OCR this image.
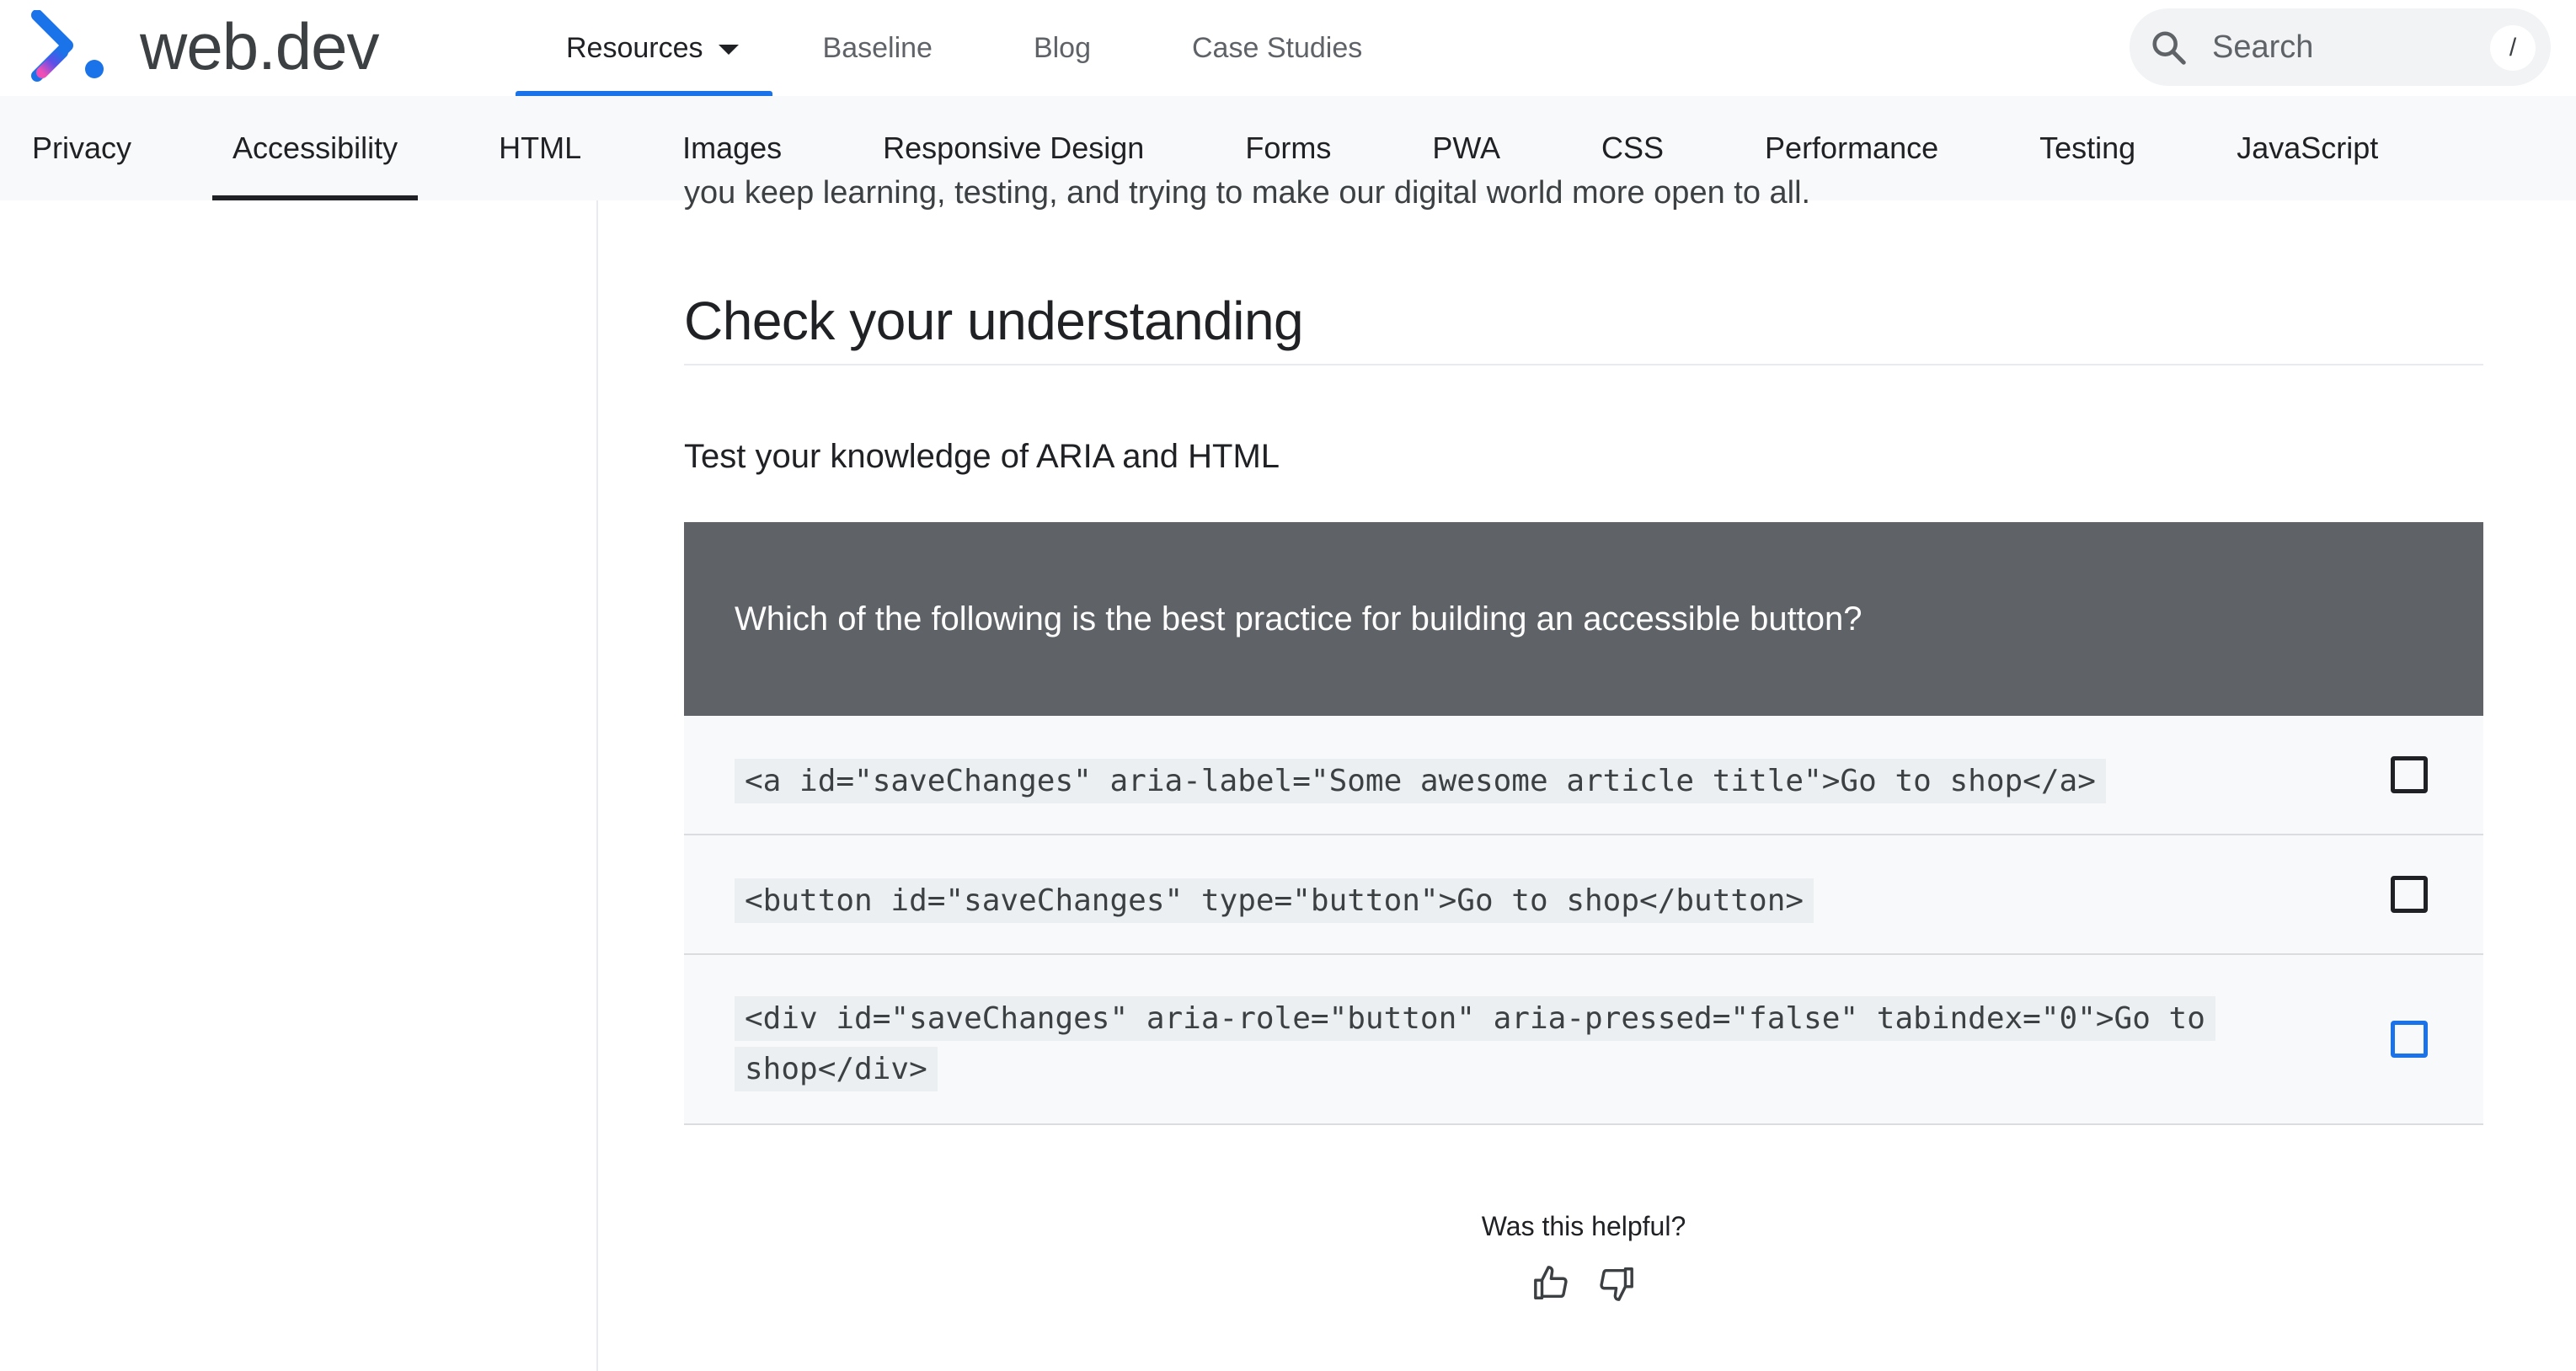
web.dev	Resources	Baseline	Blog	Case Studies
Search	/
Privacy	Accessibility	HTML	Images	Responsive Design	Forms	PWA	CSS	Performance	Testing	JavaScript
you keep learning, testing, and trying to make our digital world more open to all.
Check your understanding

Test your knowledge of ARIA and HTML

Which of the following is the best practice for building an accessible button?
<a id="saveChanges" aria-label="Some awesome article title">Go to shop</a>
<button id="saveChanges" type="button">Go to shop</button>
<div id="saveChanges" aria-role="button" aria-pressed="false" tabindex="0">Go to shop</div>
Was this helpful?
